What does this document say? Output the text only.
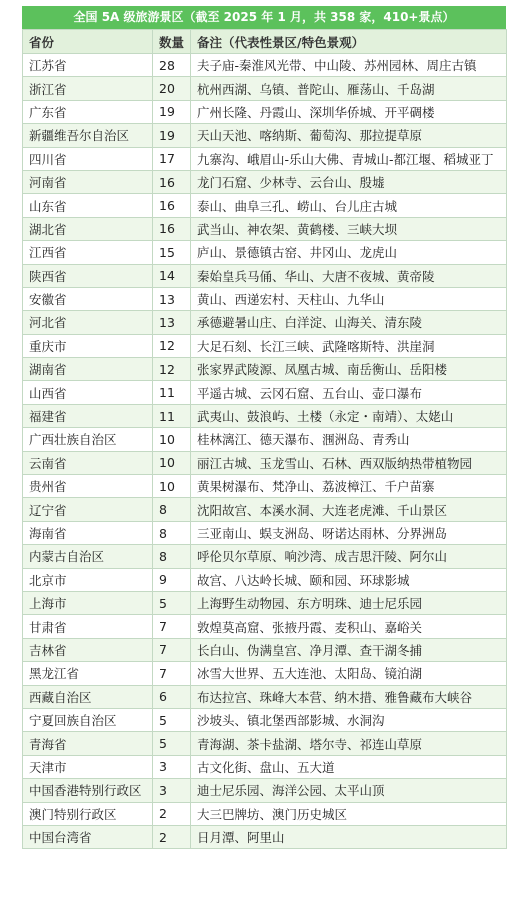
全国 5A 级旅游景区（截至 2025 年 1 月，共 358 家，410+景点）
省份	数量	备注（代表性景区/特色景观）
江苏省	28	夫子庙-秦淮风光带、中山陵、苏州园林、周庄古镇
浙江省	20	杭州西湖、乌镇、普陀山、雁荡山、千岛湖
广东省	19	广州长隆、丹霞山、深圳华侨城、开平碉楼
新疆维吾尔自治区	19	天山天池、喀纳斯、葡萄沟、那拉提草原
四川省	17	九寨沟、峨眉山-乐山大佛、青城山-都江堰、稻城亚丁
河南省	16	龙门石窟、少林寺、云台山、殷墟
山东省	16	泰山、曲阜三孔、崂山、台儿庄古城
湖北省	16	武当山、神农架、黄鹤楼、三峡大坝
江西省	15	庐山、景德镇古窑、井冈山、龙虎山
陕西省	14	秦始皇兵马俑、华山、大唐不夜城、黄帝陵
安徽省	13	黄山、西递宏村、天柱山、九华山
河北省	13	承德避暑山庄、白洋淀、山海关、清东陵
重庆市	12	大足石刻、长江三峡、武隆喀斯特、洪崖洞
湖南省	12	张家界武陵源、凤凰古城、南岳衡山、岳阳楼
山西省	11	平遥古城、云冈石窟、五台山、壶口瀑布
福建省	11	武夷山、鼓浪屿、土楼（永定・南靖）、太姥山
广西壮族自治区	10	桂林漓江、德天瀑布、涠洲岛、青秀山
云南省	10	丽江古城、玉龙雪山、石林、西双版纳热带植物园
贵州省	10	黄果树瀑布、梵净山、荔波樟江、千户苗寨
辽宁省	8	沈阳故宫、本溪水洞、大连老虎滩、千山景区
海南省	8	三亚南山、蜈支洲岛、呀诺达雨林、分界洲岛
内蒙古自治区	8	呼伦贝尔草原、响沙湾、成吉思汗陵、阿尔山
北京市	9	故宫、八达岭长城、颐和园、环球影城
上海市	5	上海野生动物园、东方明珠、迪士尼乐园
甘肃省	7	敦煌莫高窟、张掖丹霞、麦积山、嘉峪关
吉林省	7	长白山、伪满皇宫、净月潭、查干湖冬捕
黑龙江省	7	冰雪大世界、五大连池、太阳岛、镜泊湖
西藏自治区	6	布达拉宫、珠峰大本营、纳木措、雅鲁藏布大峡谷
宁夏回族自治区	5	沙坡头、镇北堡西部影城、水洞沟
青海省	5	青海湖、茶卡盐湖、塔尔寺、祁连山草原
天津市	3	古文化街、盘山、五大道
中国香港特别行政区	3	迪士尼乐园、海洋公园、太平山顶
澳门特别行政区	2	大三巴牌坊、澳门历史城区
中国台湾省	2	日月潭、阿里山
